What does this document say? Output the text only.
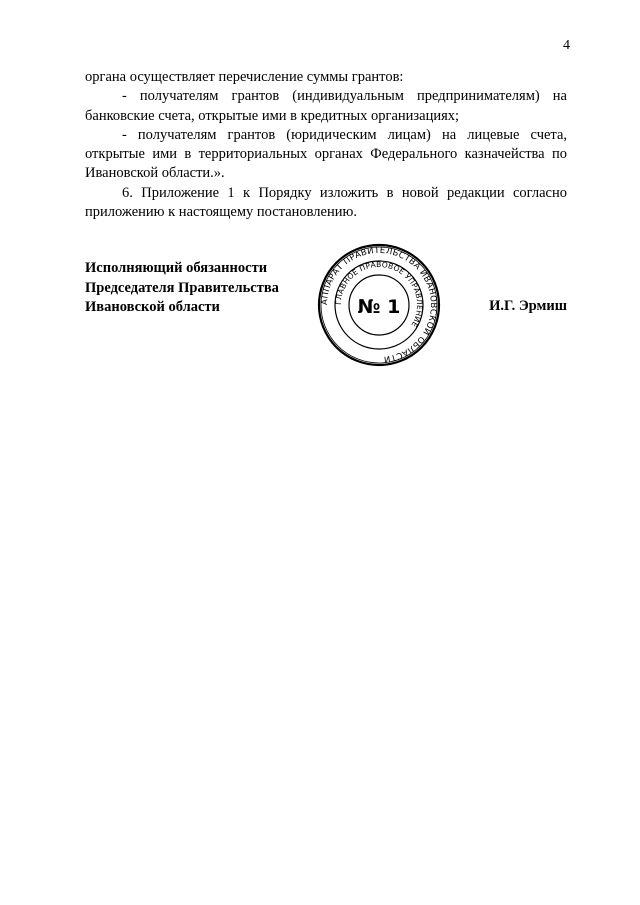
4

органа осуществляет перечисление суммы грантов:

- получателям грантов (индивидуальным предпринимателям) на банковские счета, открытые ими в кредитных организациях;

- получателям грантов (юридическим лицам) на лицевые счета, открытые ими в территориальных органах Федерального казначейства по Ивановской области.».

6. Приложение 1 к Порядку изложить в новой редакции согласно приложению к настоящему постановлению.

Исполняющий обязанности
Председателя Правительства
Ивановской области	И.Г. Эрмиш
АППАРАТ ПРАВИТЕЛЬСТВА ИВАНОВСКОЙ ОБЛАСТИ
ГЛАВНОЕ ПРАВОВОЕ УПРАВЛЕНИЕ
№ 1
